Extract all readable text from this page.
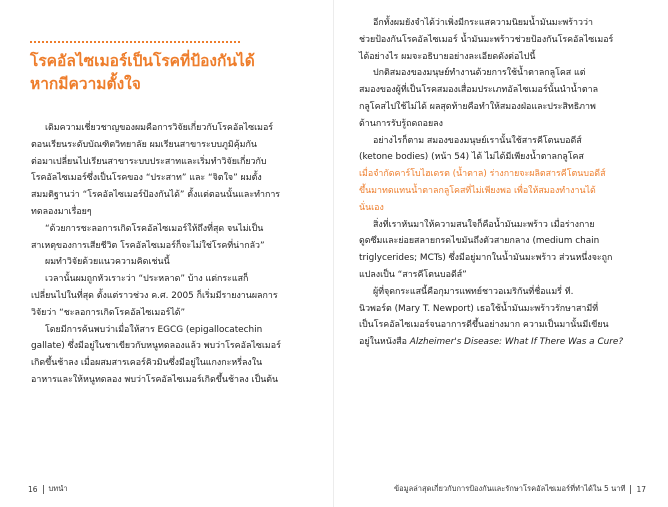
โรคอัลไซเมอร์เป็นโรคที่ป้องกันได้
หากมีความตั้งใจ
เดิมความเชี่ยวชาญของผมคือการวิจัยเกี่ยวกับโรคอัลไซเมอร์
ตอนเรียนระดับบัณฑิตวิทยาลัย ผมเรียนสาขาระบบภูมิคุ้มกัน
ต่อมาเปลี่ยนไปเรียนสาขาระบบประสาทและเริ่มทำวิจัยเกี่ยวกับ
โรคอัลไซเมอร์ซึ่งเป็นโรคของ “ประสาท” และ “จิตใจ” ผมตั้ง
สมมติฐานว่า “โรคอัลไซเมอร์ป้องกันได้” ตั้งแต่ตอนนั้นและทำการ
ทดลองมาเรื่อยๆ
“ด้วยการชะลอการเกิดโรคอัลไซเมอร์ให้ถึงที่สุด จนไม่เป็น
สาเหตุของการเสียชีวิต โรคอัลไซเมอร์ก็จะไม่ใช่โรคที่น่ากลัว”
ผมทำวิจัยด้วยแนวความคิดเช่นนี้
เวลานั้นผมถูกหัวเราะว่า “ประหลาด” บ้าง แต่กระแสก็
เปลี่ยนไปในที่สุด ตั้งแต่ราวช่วง ค.ศ. 2005 ก็เริ่มมีรายงานผลการ
วิจัยว่า “ชะลอการเกิดโรคอัลไซเมอร์ได้”
โดยมีการค้นพบว่าเมื่อให้สาร EGCG (epigallocatechin
gallate) ซึ่งมีอยู่ในชาเขียวกับหนูทดลองแล้ว พบว่าโรคอัลไซเมอร์
เกิดขึ้นช้าลง เมื่อผสมสารเคอร์คิวมินซึ่งมีอยู่ในแกงกะหรี่ลงใน
อาหารและให้หนูทดลอง พบว่าโรคอัลไซเมอร์เกิดขึ้นช้าลง เป็นต้น
16 บทนำ
อีกทั้งผมยังจำได้ว่าเพิ่งมีกระแสความนิยมน้ำมันมะพร้าวว่า
ช่วยป้องกันโรคอัลไซเมอร์ น้ำมันมะพร้าวช่วยป้องกันโรคอัลไซเมอร์
ได้อย่างไร ผมจะอธิบายอย่างละเอียดดังต่อไปนี้
ปกติสมองของมนุษย์ทำงานด้วยการใช้น้ำตาลกลูโคส แต่
สมองของผู้ที่เป็นโรคสมองเสื่อมประเภทอัลไซเมอร์นั้นนำน้ำตาล
กลูโคสไปใช้ไม่ได้ ผลสุดท้ายคือทำให้สมองฝ่อและประสิทธิภาพ
ด้านการรับรู้ถดถอยลง
อย่างไรก็ตาม สมองของมนุษย์เรานั้นใช้สารคีโตนบอดีส์
(ketone bodies) (หน้า 54) ได้ ไม่ได้มีเพียงน้ำตาลกลูโคส
เมื่อจำกัดคาร์โบไฮเดรต (น้ำตาล) ร่างกายจะผลิตสารคีโตนบอดีส์
ขึ้นมาทดแทนน้ำตาลกลูโคสที่ไม่เพียงพอ เพื่อให้สมองทำงานได้
นั่นเอง
สิ่งที่เราหันมาให้ความสนใจก็คือน้ำมันมะพร้าว เมื่อร่างกาย
ดูดซึมและย่อยสลายกรดไขมันถึงตัวสายกลาง (medium chain
triglycerides; MCTs) ซึ่งมีอยู่มากในน้ำมันมะพร้าว ส่วนหนึ่งจะถูก
แปลงเป็น “สารคีโตนบอดีส์”
ผู้ที่จุดกระแสนี้คือกุมารแพทย์ชาวอเมริกันที่ชื่อแมรี่ ที.
นิวพอร์ต (Mary T. Newport) เธอใช้น้ำมันมะพร้าวรักษาสามีที่
เป็นโรคอัลไซเมอร์จนอาการดีขึ้นอย่างมาก ความเป็นมานั้นมีเขียน
อยู่ในหนังสือ Alzheimer's Disease: What If There Was a Cure?
ข้อมูลล่าสุดเกี่ยวกับการป้องกันและรักษาโรคอัลไซเมอร์ที่ทำได้ใน 5 นาที 17
